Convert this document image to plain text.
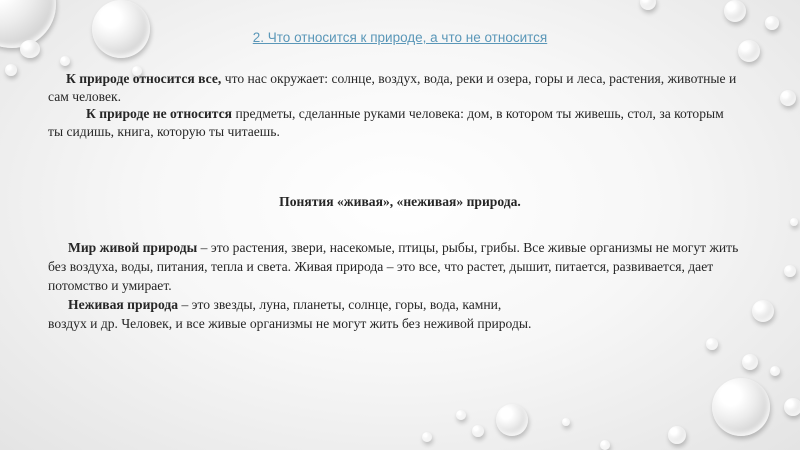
2. Что относится к природе, а что не относится

К природе относится все, что нас окружает: солнце, воздух, вода, реки и озера, горы и леса, растения, животные и сам человек.

К природе не относится предметы, сделанные руками человека: дом, в котором ты живешь, стол, за которым ты сидишь, книга, которую ты читаешь.

Понятия «живая», «неживая» природа.

Мир живой природы – это растения, звери, насекомые, птицы, рыбы, грибы. Все живые организмы не могут жить без воздуха, воды, питания, тепла и света. Живая природа – это все, что растет, дышит, питается, развивается, дает потомство и умирает.

Неживая природа – это звезды, луна, планеты, солнце, горы, вода, камни,
воздух и др. Человек, и все живые организмы не могут жить без неживой природы.
